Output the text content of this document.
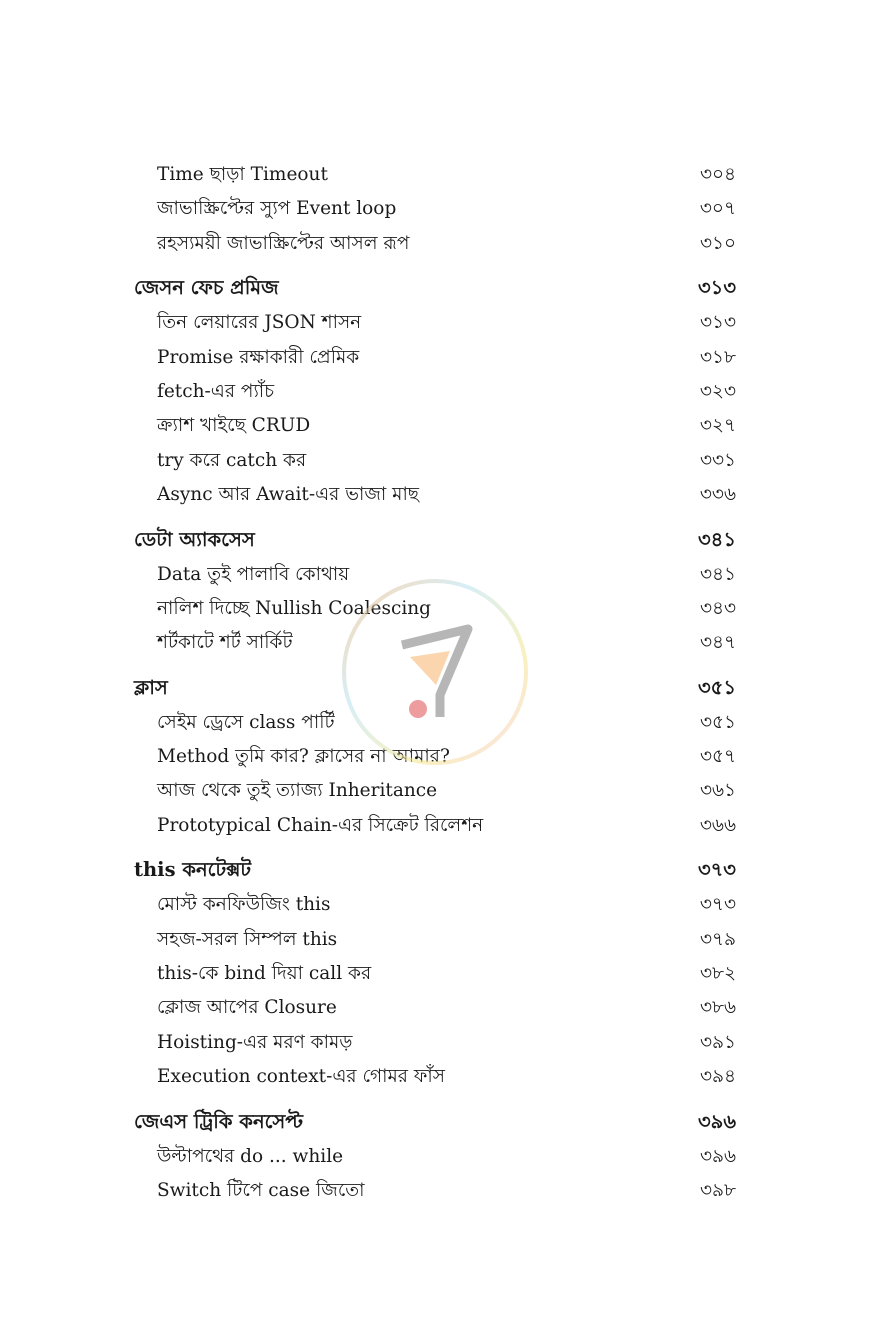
Time ছাড়া Timeout	৩০৪
জাভাস্ক্রিপ্টের স্যুপ Event loop	৩০৭
রহস্যময়ী জাভাস্ক্রিপ্টের আসল রূপ	৩১০
জেসন ফেচ প্রমিজ	৩১৩
তিন লেয়ারের JSON শাসন	৩১৩
Promise রক্ষাকারী প্রেমিক	৩১৮
fetch-এর প্যাঁচ	৩২৩
ক্র্যাশ খাইছে CRUD	৩২৭
try করে catch কর	৩৩১
Async আর Await-এর ভাজা মাছ	৩৩৬
ডেটা অ্যাকসেস	৩৪১
Data তুই পালাবি কোথায়	৩৪১
নালিশ দিচ্ছে Nullish Coalescing	৩৪৩
শর্টকাটে শর্ট সার্কিট	৩৪৭
ক্লাস	৩৫১
সেইম ড্রেসে class পার্টি	৩৫১
Method তুমি কার? ক্লাসের না আমার?	৩৫৭
আজ থেকে তুই ত্যাজ্য Inheritance	৩৬১
Prototypical Chain-এর সিক্রেট রিলেশন	৩৬৬
this কনটেক্সট	৩৭৩
মোস্ট কনফিউজিং this	৩৭৩
সহজ-সরল সিম্পল this	৩৭৯
this-কে bind দিয়া call কর	৩৮২
ক্লোজ আপের Closure	৩৮৬
Hoisting-এর মরণ কামড়	৩৯১
Execution context-এর গোমর ফাঁস	৩৯৪
জেএস ট্রিকি কনসেপ্ট	৩৯৬
উল্টাপথের do ... while	৩৯৬
Switch টিপে case জিতো	৩৯৮
